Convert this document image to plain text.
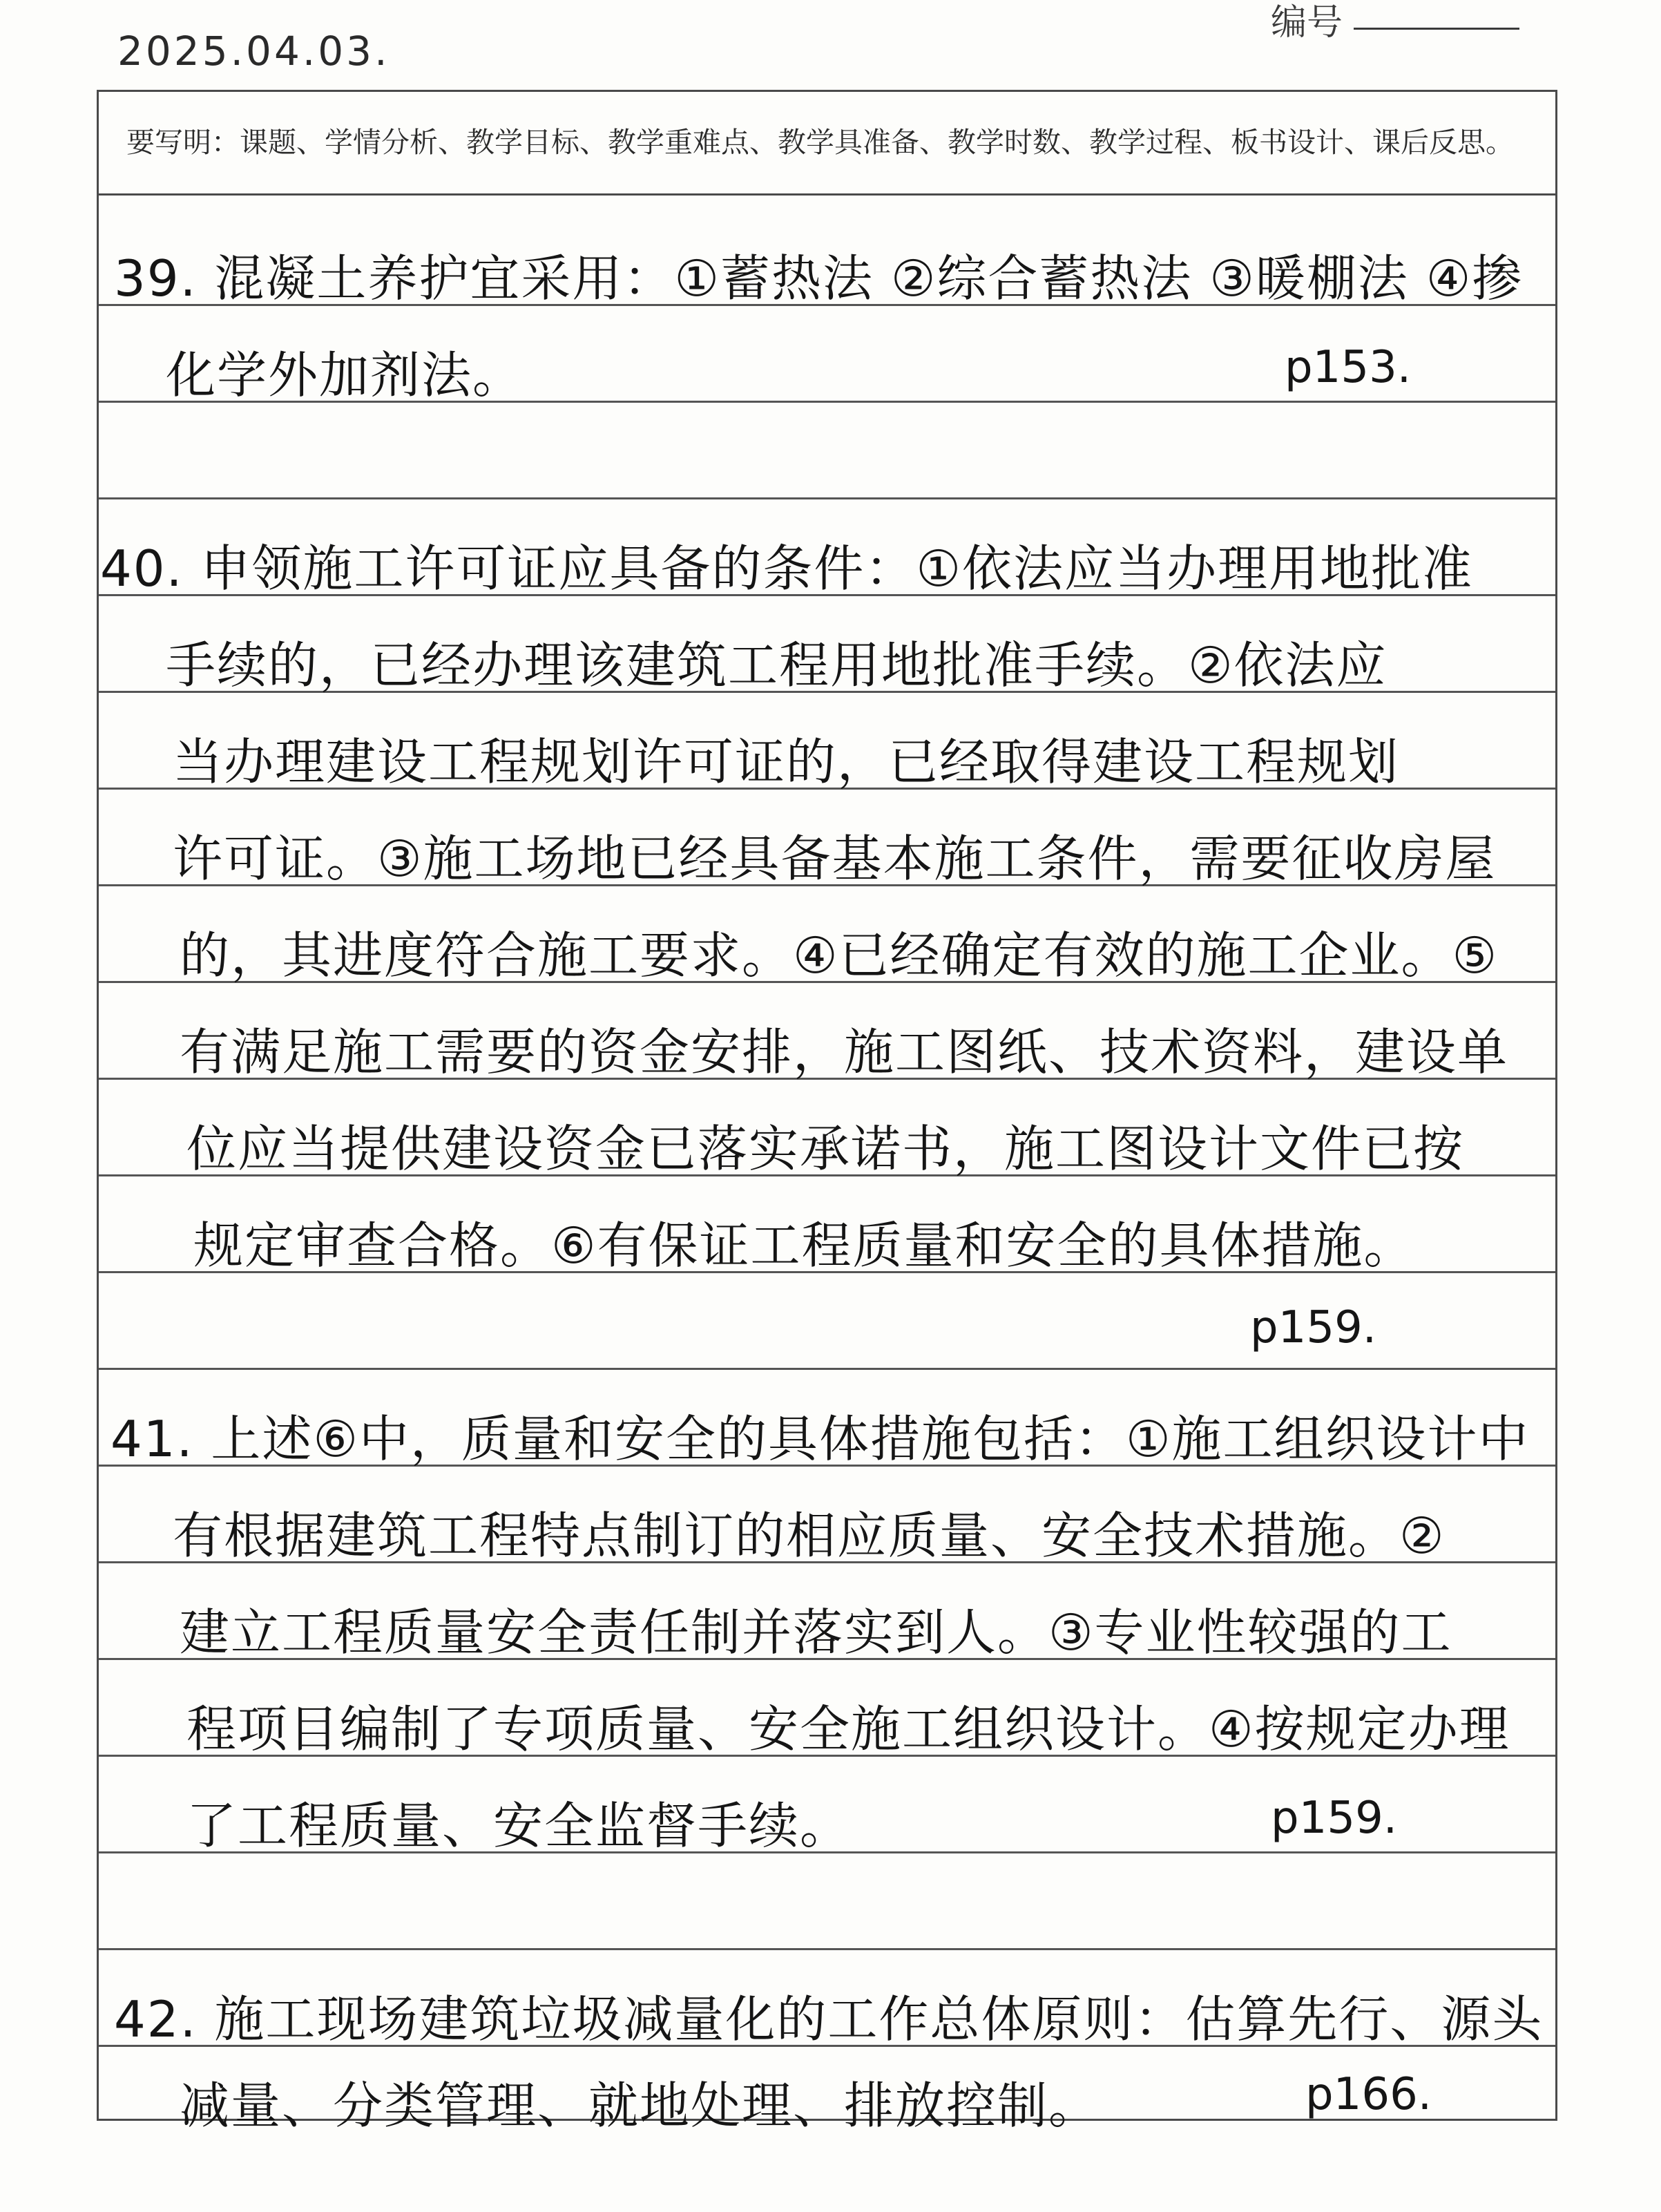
2025.04.03.
编号
要写明：课题、学情分析、教学目标、教学重难点、教学具准备、教学时数、教学过程、板书设计、课后反思。
39. 混凝土养护宜采用：①蓄热法 ②综合蓄热法 ③暖棚法 ④掺
化学外加剂法。	p153.
40. 申领施工许可证应具备的条件：①依法应当办理用地批准
手续的，已经办理该建筑工程用地批准手续。②依法应
当办理建设工程规划许可证的，已经取得建设工程规划
许可证。③施工场地已经具备基本施工条件，需要征收房屋
的，其进度符合施工要求。④已经确定有效的施工企业。⑤
有满足施工需要的资金安排，施工图纸、技术资料，建设单
位应当提供建设资金已落实承诺书，施工图设计文件已按
规定审查合格。⑥有保证工程质量和安全的具体措施。
p159.
41. 上述⑥中，质量和安全的具体措施包括：①施工组织设计中
有根据建筑工程特点制订的相应质量、安全技术措施。②
建立工程质量安全责任制并落实到人。③专业性较强的工
程项目编制了专项质量、安全施工组织设计。④按规定办理
了工程质量、安全监督手续。	p159.
42. 施工现场建筑垃圾减量化的工作总体原则：估算先行、源头
减量、分类管理、就地处理、排放控制。	p166.
